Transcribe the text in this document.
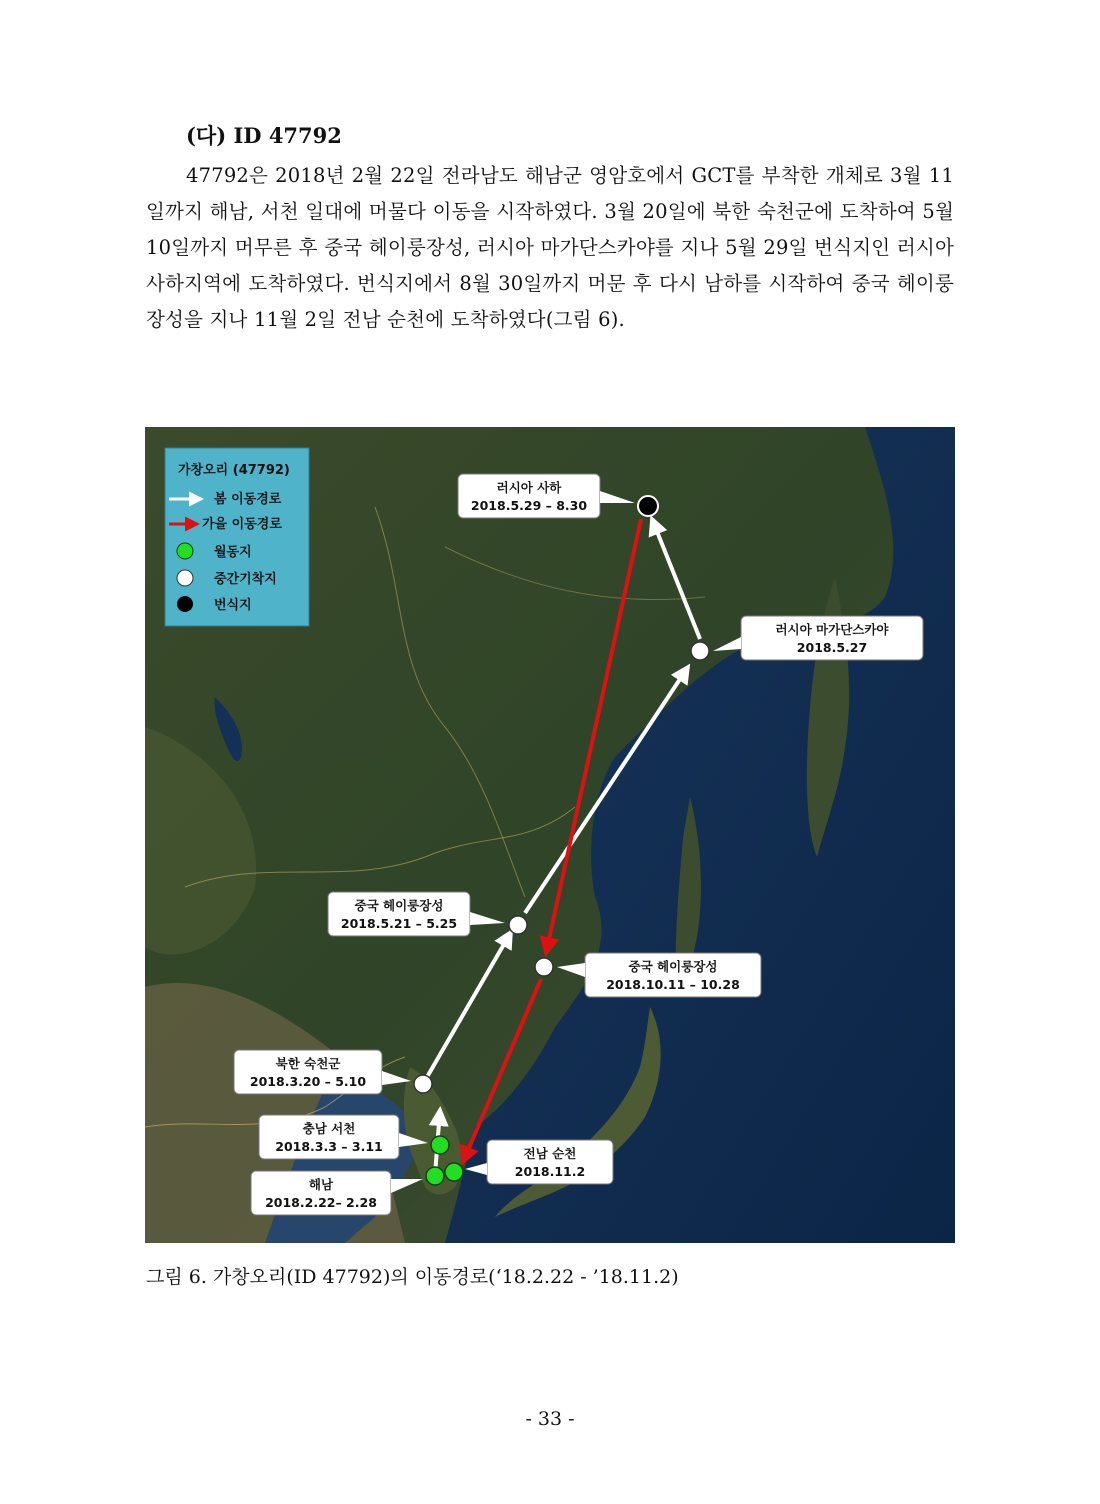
(다) ID 47792
47792은 2018년 2월 22일 전라남도 해남군 영암호에서 GCT를 부착한 개체로 3월 11일까지 해남, 서천 일대에 머물다 이동을 시작하였다. 3월 20일에 북한 숙천군에 도착하여 5월 10일까지 머무른 후 중국 헤이룽장성, 러시아 마가단스카야를 지나 5월 29일 번식지인 러시아 사하지역에 도착하였다. 번식지에서 8월 30일까지 머문 후 다시 남하를 시작하여 중국 헤이룽장성을 지나 11월 2일 전남 순천에 도착하였다(그림 6).
가창오리 (47792)
봄 이동경로
가을 이동경로
월동지
중간기착지
번식지
러시아 사하
2018.5.29 – 8.30
러시아 마가단스카야
2018.5.27
중국 헤이룽장성
2018.5.21 – 5.25
중국 헤이룽장성
2018.10.11 – 10.28
북한 숙천군
2018.3.20 – 5.10
충남 서천
2018.3.3 – 3.11
해남
2018.2.22– 2.28
전남 순천
2018.11.2
그림 6. 가창오리(ID 47792)의 이동경로(‘18.2.22 - ’18.11.2)
- 33 -
